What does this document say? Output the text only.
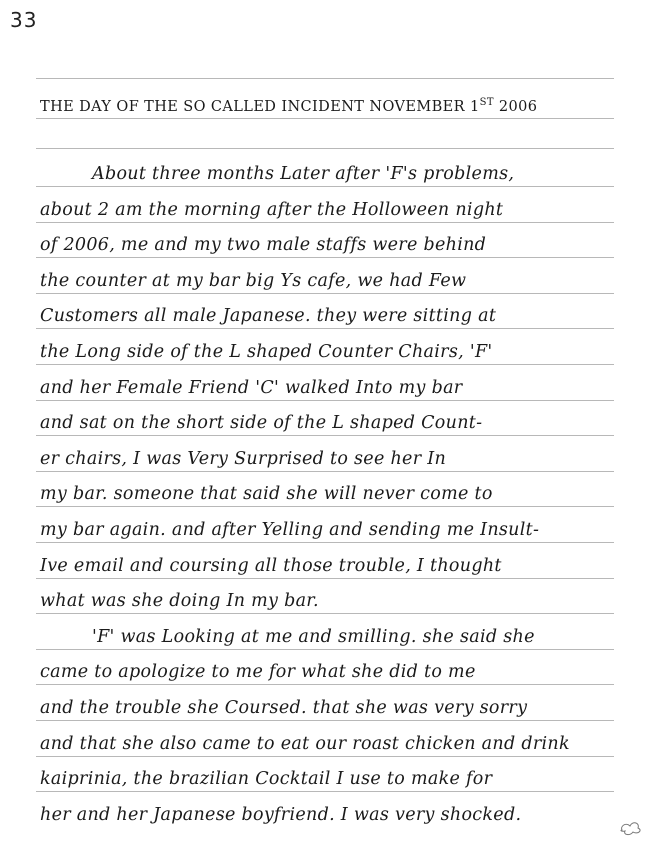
33
THE DAY OF THE SO CALLED INCIDENT NOVEMBER 1ST 2006
About three months Later after 'F's problems,
about 2 am the morning after the Holloween night
of 2006, me and my two male staffs were behind
the counter at my bar big Ys cafe, we had Few
Customers all male Japanese. they were sitting at
the Long side of the L shaped Counter Chairs, 'F'
and her Female Friend 'C' walked Into my bar
and sat on the short side of the L shaped Count-
er chairs, I was Very Surprised to see her In
my bar. someone that said she will never come to
my bar again. and after Yelling and sending me Insult-
Ive email and coursing all those trouble, I thought
what was she doing In my bar.
'F' was Looking at me and smilling. she said she
came to apologize to me for what she did to me
and the trouble she Coursed. that she was very sorry
and that she also came to eat our roast chicken and drink
kaiprinia, the brazilian Cocktail I use to make for
her and her Japanese boyfriend. I was very shocked.
